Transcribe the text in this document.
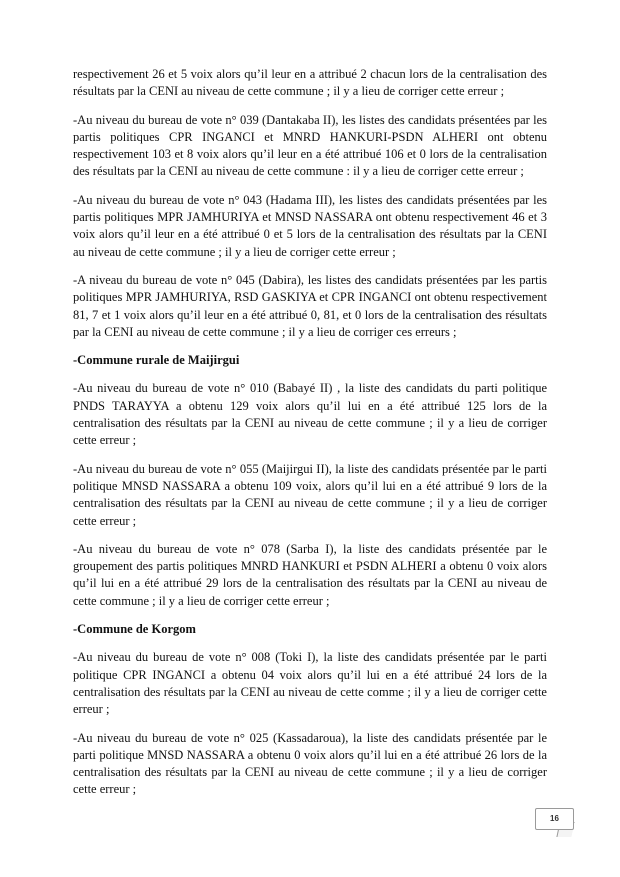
respectivement 26 et 5 voix alors qu’il leur en a attribué 2 chacun lors de la centralisation des résultats par la CENI au niveau de cette commune ; il y a lieu de corriger cette erreur ;

-Au niveau du bureau de vote n° 039 (Dantakaba II), les listes des candidats présentées par les partis politiques CPR INGANCI et MNRD HANKURI-PSDN ALHERI ont obtenu respectivement 103 et 8 voix alors qu’il leur en a été attribué 106 et 0 lors de la centralisation des résultats par la CENI au niveau de cette commune : il y a lieu de corriger cette erreur ;

-Au niveau du bureau de vote n° 043 (Hadama III), les listes des candidats présentées par les partis politiques MPR JAMHURIYA et MNSD NASSARA ont obtenu respectivement 46 et 3 voix alors qu’il leur en a été attribué 0 et 5 lors de la centralisation des résultats par la CENI au niveau de cette commune ; il y a lieu de corriger cette erreur ;

-A niveau du bureau de vote n° 045 (Dabira), les listes des candidats présentées par les partis politiques MPR JAMHURIYA, RSD GASKIYA et CPR INGANCI ont obtenu respectivement 81, 7 et 1 voix alors qu’il leur en a été attribué 0, 81, et 0 lors de la centralisation des résultats par la CENI au niveau de cette commune ; il y a lieu de corriger ces erreurs ;

-Commune rurale de Maijirgui

-Au niveau du bureau de vote n° 010 (Babayé II) , la liste des candidats du parti politique PNDS TARAYYA a obtenu 129 voix alors qu’il lui en a été attribué 125 lors de la centralisation des résultats par la CENI au niveau de cette commune ; il y a lieu de corriger cette erreur ;

-Au niveau du bureau de vote n° 055 (Maijirgui II), la liste des candidats présentée par le parti politique MNSD NASSARA a obtenu 109 voix, alors qu’il lui en a été attribué 9 lors de la centralisation des résultats par la CENI au niveau de cette commune ; il y a lieu de corriger cette erreur ;

-Au niveau du bureau de vote n° 078 (Sarba I), la liste des candidats présentée par le groupement des partis politiques MNRD HANKURI et PSDN ALHERI a obtenu 0 voix alors qu’il lui en a été attribué 29 lors de la centralisation des résultats par la CENI au niveau de cette commune ; il y a lieu de corriger cette erreur ;

-Commune de Korgom

-Au niveau du bureau de vote n° 008 (Toki I), la liste des candidats présentée par le parti politique CPR INGANCI a obtenu 04 voix alors qu’il lui en a été attribué 24 lors de la centralisation des résultats par la CENI au niveau de cette comme ; il y a lieu de corriger cette erreur ;

-Au niveau du bureau de vote n° 025 (Kassadaroua), la liste des candidats présentée par le parti politique MNSD NASSARA a obtenu 0 voix alors qu’il lui en a été attribué 26 lors de la centralisation des résultats par la CENI au niveau de cette commune ; il y a lieu de corriger cette erreur ;

16
